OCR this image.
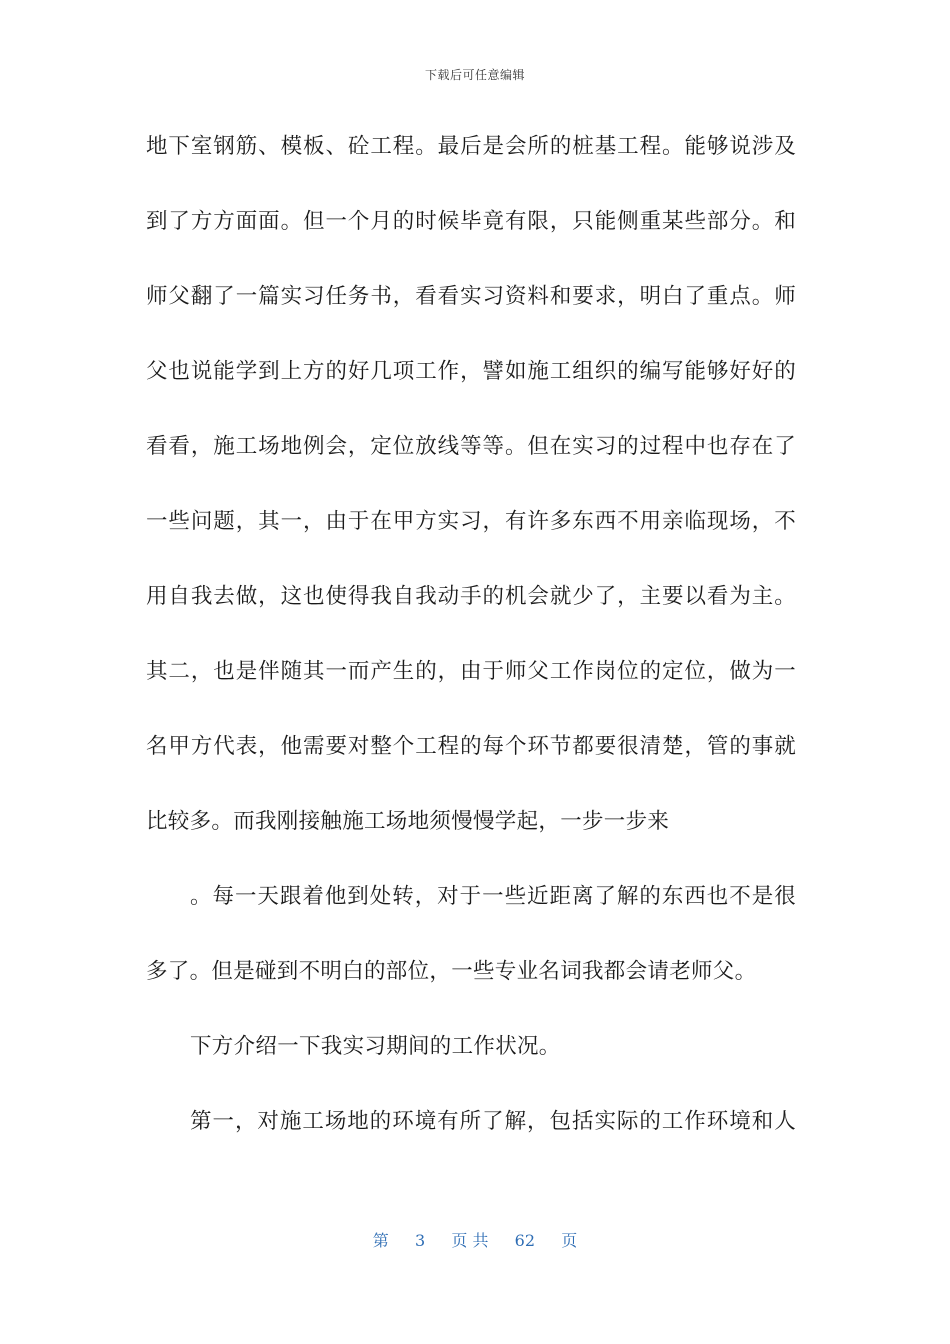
下载后可任意编辑
地下室钢筋、模板、砼工程。最后是会所的桩基工程。能够说涉及
到了方方面面。但一个月的时候毕竟有限，只能侧重某些部分。和
师父翻了一篇实习任务书，看看实习资料和要求，明白了重点。师
父也说能学到上方的好几项工作，譬如施工组织的编写能够好好的
看看，施工场地例会，定位放线等等。但在实习的过程中也存在了
一些问题，其一，由于在甲方实习，有许多东西不用亲临现场，不
用自我去做，这也使得我自我动手的机会就少了，主要以看为主。
其二，也是伴随其一而产生的，由于师父工作岗位的定位，做为一
名甲方代表，他需要对整个工程的每个环节都要很清楚，管的事就
比较多。而我刚接触施工场地须慢慢学起，一步一步来
。每一天跟着他到处转，对于一些近距离了解的东西也不是很
多了。但是碰到不明白的部位，一些专业名词我都会请老师父。
下方介绍一下我实习期间的工作状况。
第一，对施工场地的环境有所了解，包括实际的工作环境和人
第 3 页 共 62 页
